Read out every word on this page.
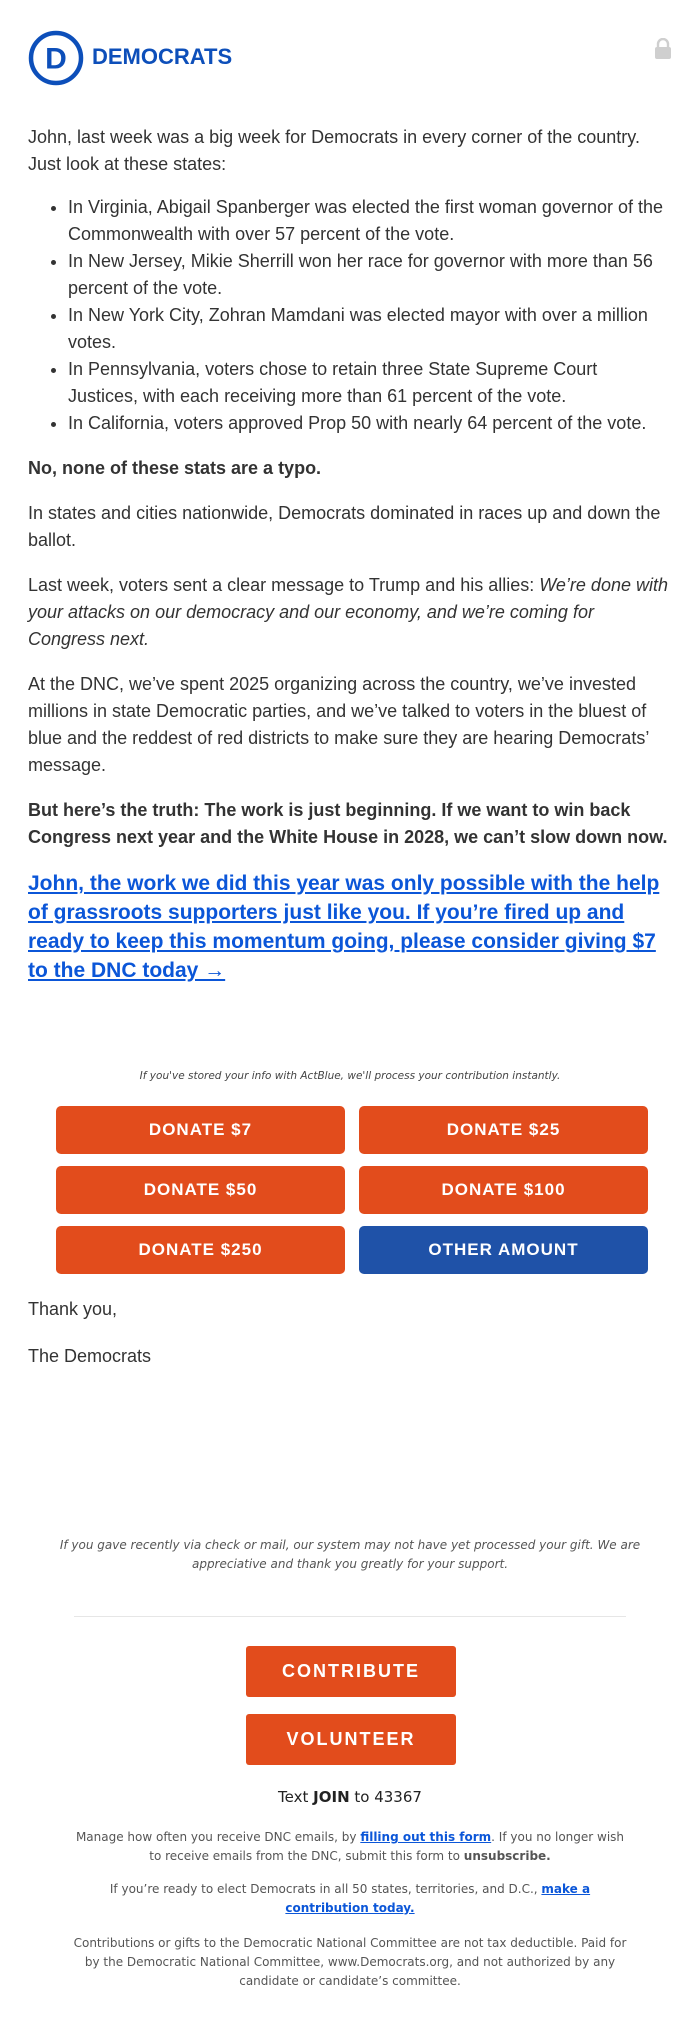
D DEMOCRATS

John, last week was a big week for Democrats in every corner of the country. Just look at these states:

• In Virginia, Abigail Spanberger was elected the first woman governor of the Commonwealth with over 57 percent of the vote.
• In New Jersey, Mikie Sherrill won her race for governor with more than 56 percent of the vote.
• In New York City, Zohran Mamdani was elected mayor with over a million votes.
• In Pennsylvania, voters chose to retain three State Supreme Court Justices, with each receiving more than 61 percent of the vote.
• In California, voters approved Prop 50 with nearly 64 percent of the vote.

No, none of these stats are a typo.

In states and cities nationwide, Democrats dominated in races up and down the ballot.

Last week, voters sent a clear message to Trump and his allies: We’re done with your attacks on our democracy and our economy, and we’re coming for Congress next.

At the DNC, we’ve spent 2025 organizing across the country, we’ve invested millions in state Democratic parties, and we’ve talked to voters in the bluest of blue and the reddest of red districts to make sure they are hearing Democrats’ message.

But here’s the truth: The work is just beginning. If we want to win back Congress next year and the White House in 2028, we can’t slow down now.

John, the work we did this year was only possible with the help of grassroots supporters just like you. If you’re fired up and ready to keep this momentum going, please consider giving $7 to the DNC today →

If you've stored your info with ActBlue, we'll process your contribution instantly.
DONATE $7	DONATE $25
DONATE $50	DONATE $100
DONATE $250	OTHER AMOUNT

Thank you,

The Democrats

If you gave recently via check or mail, our system may not have yet processed your gift. We are appreciative and thank you greatly for your support.
CONTRIBUTE
VOLUNTEER
Text JOIN to 43367
Manage how often you receive DNC emails, by filling out this form. If you no longer wish to receive emails from the DNC, submit this form to unsubscribe.
If you’re ready to elect Democrats in all 50 states, territories, and D.C., make a contribution today.
Contributions or gifts to the Democratic National Committee are not tax deductible. Paid for by the Democratic National Committee, www.Democrats.org, and not authorized by any candidate or candidate’s committee.
